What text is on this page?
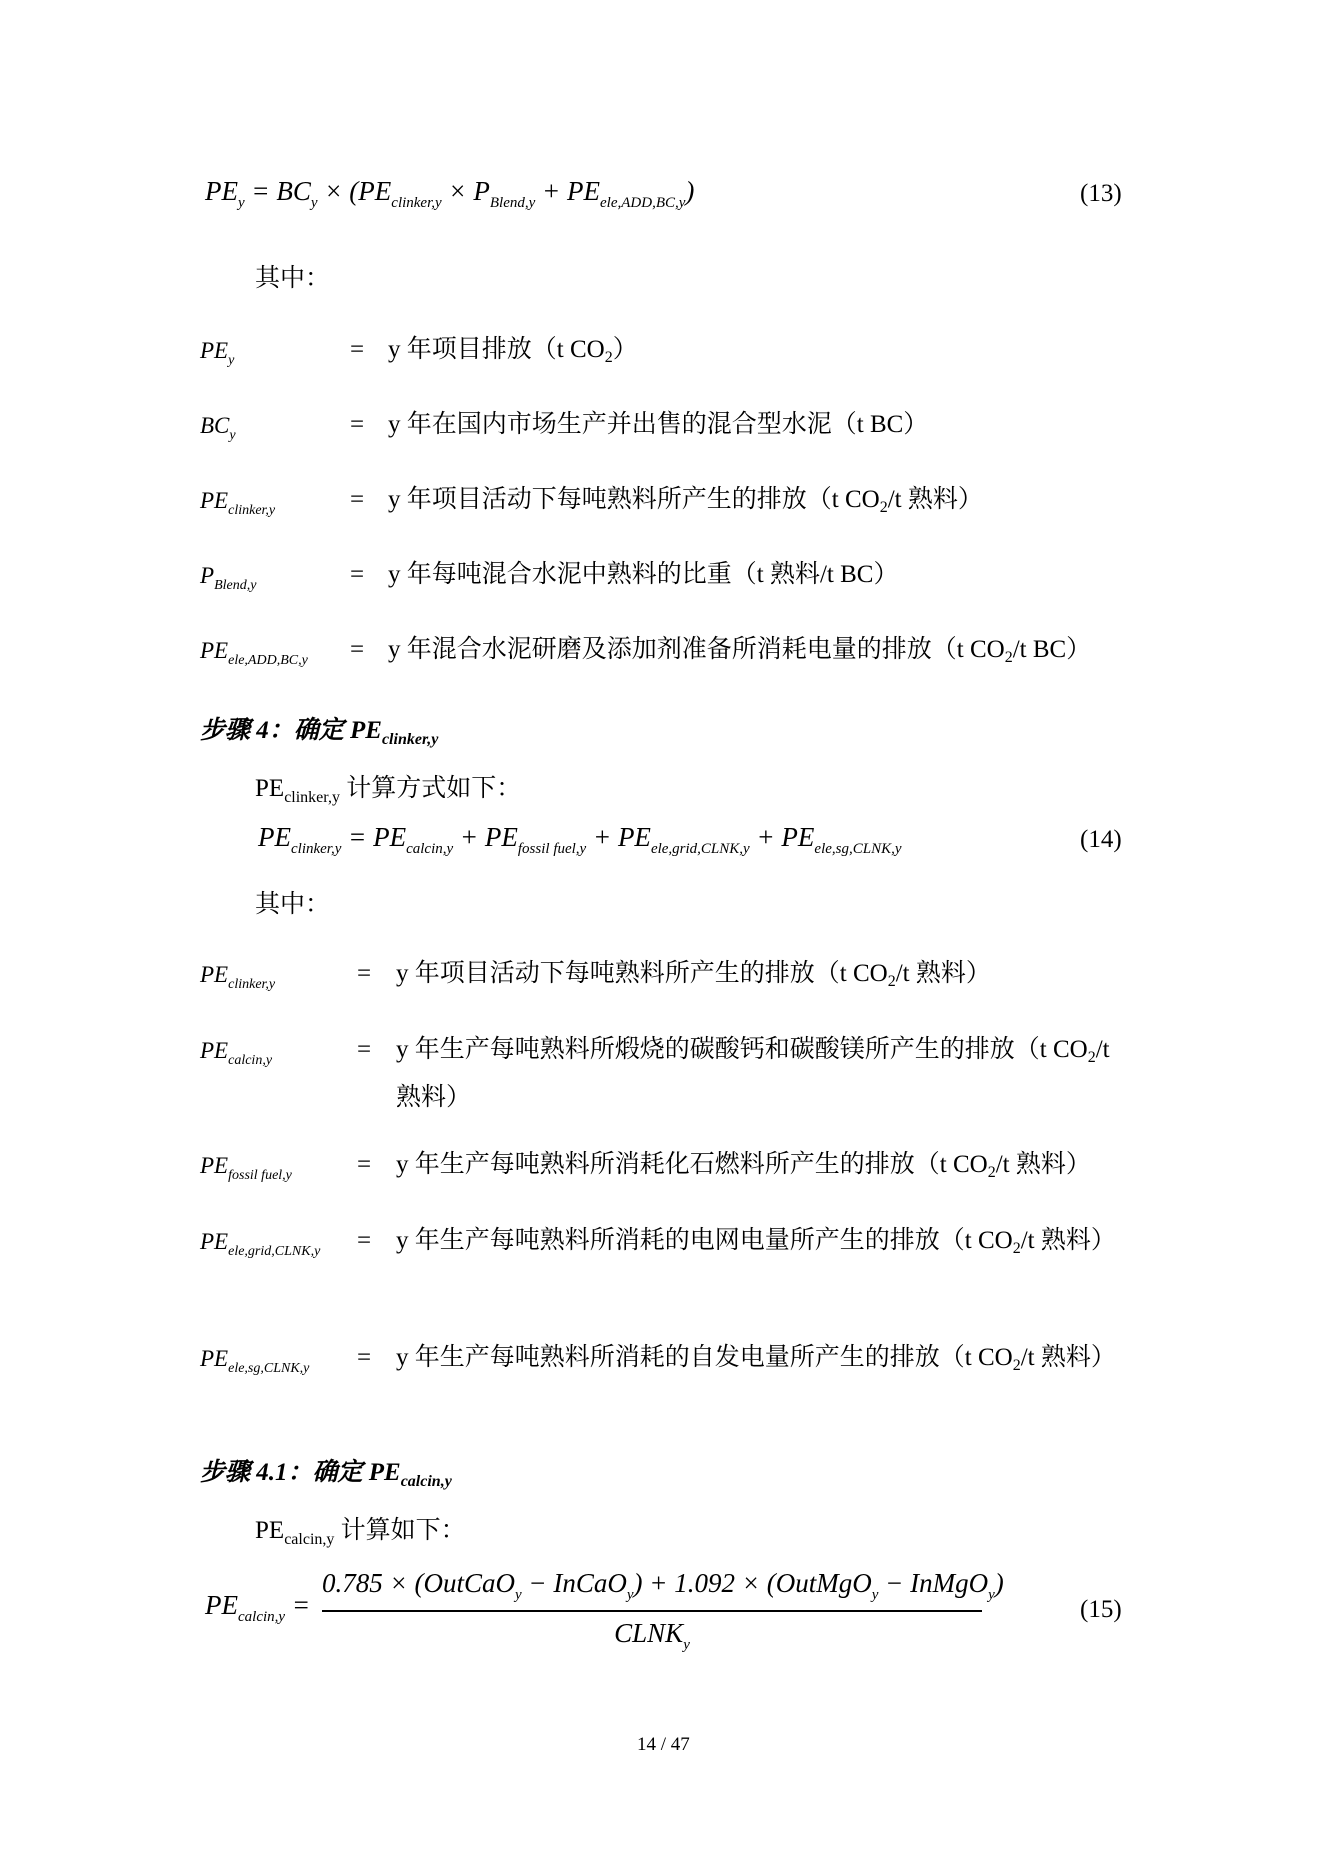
$PE_y = BC_y \times (PE_{clinker,y} \times P_{Blend,y} + PE_{ele,ADD,BC,y})$	(13)
其中：
$PE_y$	= y 年项目排放（t $CO_2$）
$BC_y$	= y 年在国内市场生产并出售的混合型水泥（t BC）
$PE_{clinker,y}$	= y 年项目活动下每吨熟料所产生的排放（t $CO_2/t$ 熟料）
$P_{Blend,y}$	= y 年每吨混合水泥中熟料的比重（t 熟料/t BC）
$PE_{ele,ADD,BC,y} = y$ 年混合水泥研磨及添加剂准备所消耗电量的排放（t $CO_2/t$ BC）
步骤 4：确定 $PE_{clinker,y}$
$PE_{clinker,y}$ 计算方式如下：
$PE_{clinker,y} = PE_{calcin,y} + PE_{fossil fuel,y} + PE_{ele,grid,CLNK,y} + PE_{ele,sg,CLNK,y}$	(14)
其中：
$PE_{clinker,y}$	= y 年项目活动下每吨熟料所产生的排放（t $CO_2/t$ 熟料）
$PE_{calcin,y}$	= y 年生产每吨熟料所煅烧的碳酸钙和碳酸镁所产生的排放（t $CO_2/t$ 熟料）
$PE_{fossil fuel,y}$	= y 年生产每吨熟料所消耗化石燃料所产生的排放（t $CO_2/t$ 熟料）
$PE_{ele,grid,CLNK,y} = y$ 年生产每吨熟料所消耗的电网电量所产生的排放（t $CO_2/t$ 熟料）
$PE_{ele,sg,CLNK,y} = y$ 年生产每吨熟料所消耗的自发电量所产生的排放（t $CO_2/t$ 熟料）
步骤 4.1：确定 $PE_{calcin,y}$
$PE_{calcin,y}$ 计算如下：
$PE_{calcin,y}$ =
0.785 × (OutCaO$_y$ − InCaO$_y$) + 1.092 × (OutMgO$_y$ − InMgO$_y$)
$CLNK_y$
(15)
14 / 47
